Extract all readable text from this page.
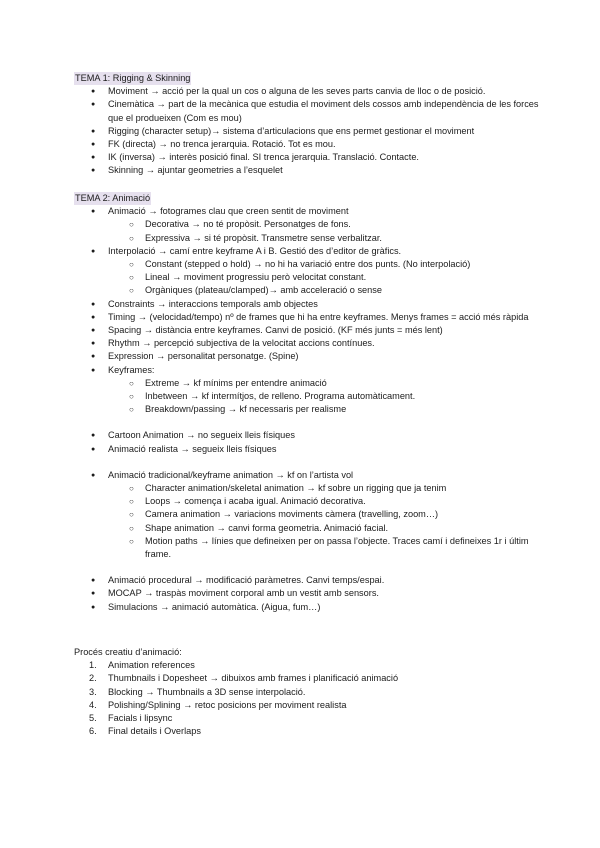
TEMA 1: Rigging & Skinning
● Moviment → acció per la qual un cos o alguna de les seves parts canvia de lloc o de posició.
● Cinemàtica → part de la mecànica que estudia el moviment dels cossos amb independència de les forces que el produeixen (Com es mou)
● Rigging (character setup)→ sistema d’articulacions que ens permet gestionar el moviment
● FK (directa) → no trenca jerarquia. Rotació. Tot es mou.
● IK (inversa) → interès posició final. SI trenca jerarquia. Translació. Contacte.
● Skinning → ajuntar geometries a l’esquelet
TEMA 2: Animació
● Animació → fotogrames clau que creen sentit de moviment
○ Decorativa → no té propòsit. Personatges de fons.
○ Expressiva → si té propòsit. Transmetre sense verbalitzar.
● Interpolació → camí entre keyframe A i B. Gestió des d’editor de gràfics.
○ Constant (stepped o hold) → no hi ha variació entre dos punts. (No interpolació)
○ Lineal → moviment progressiu però velocitat constant.
○ Orgàniques (plateau/clamped)→ amb acceleració o sense
● Constraints → interaccions temporals amb objectes
● Timing → (velocidad/tempo) nº de frames que hi ha entre keyframes. Menys frames = acció més ràpida
● Spacing → distància entre keyframes. Canvi de posició. (KF més junts = més lent)
● Rhythm → percepció subjectiva de la velocitat accions contínues.
● Expression → personalitat personatge. (Spine)
● Keyframes:
○ Extreme → kf mínims per entendre animació
○ Inbetween → kf intermítjos, de relleno. Programa automàticament.
○ Breakdown/passing → kf necessaris per realisme
● Cartoon Animation → no segueix lleis físiques
● Animació realista → segueix lleis físiques
● Animació tradicional/keyframe animation → kf on l’artista vol
○ Character animation/skeletal animation → kf sobre un rigging que ja tenim
○ Loops → comença i acaba igual. Animació decorativa.
○ Camera animation → variacions moviments càmera (travelling, zoom…)
○ Shape animation → canvi forma geometria. Animació facial.
○ Motion paths → línies que defineixen per on passa l’objecte. Traces camí i defineixes 1r i últim frame.
● Animació procedural → modificació paràmetres. Canvi temps/espai.
● MOCAP → traspàs moviment corporal amb un vestit amb sensors.
● Simulacions → animació automàtica. (Aigua, fum…)
Procés creatiu d’animació:
1. Animation references
2. Thumbnails i Dopesheet → dibuixos amb frames i planificació animació
3. Blocking → Thumbnails a 3D sense interpolació.
4. Polishing/Splining → retoc posicions per moviment realista
5. Facials i lipsync
6. Final details i Overlaps
